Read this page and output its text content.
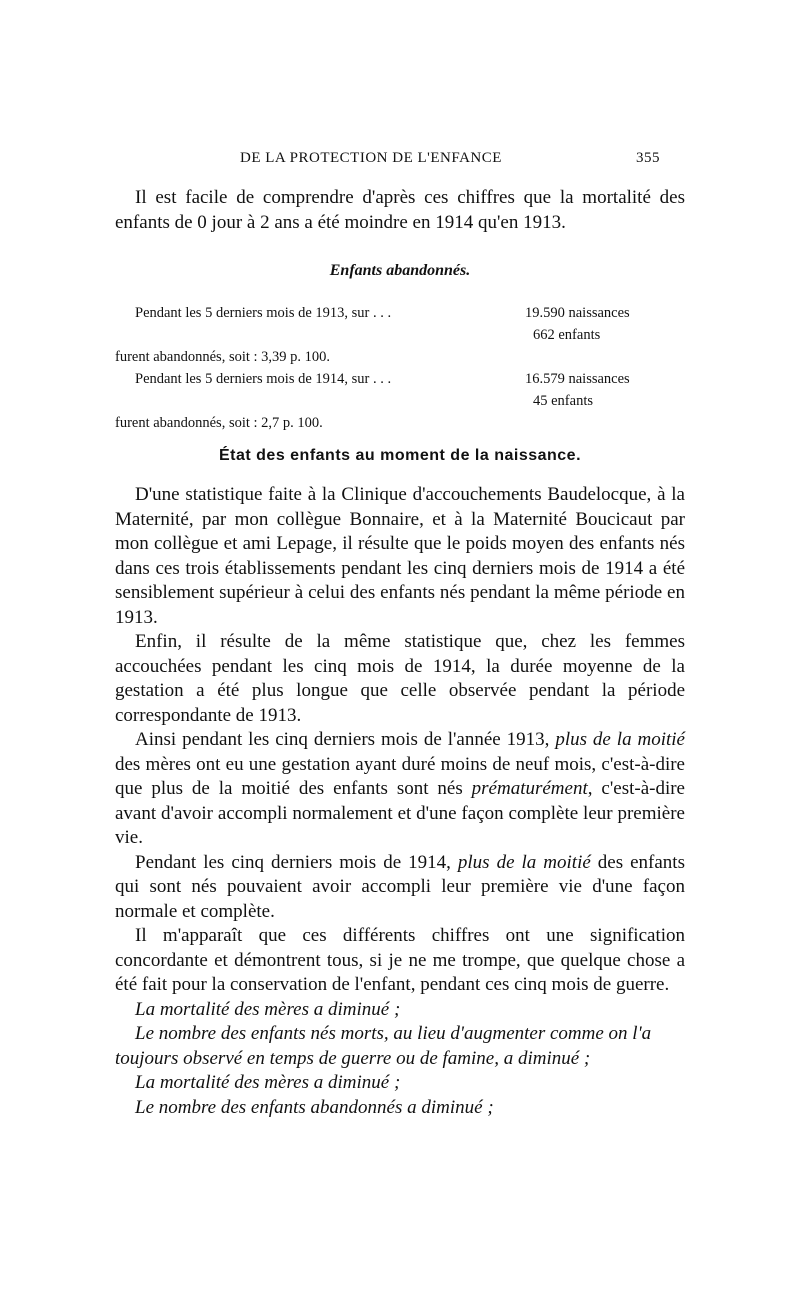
DE LA PROTECTION DE L'ENFANCE	355

Il est facile de comprendre d'après ces chiffres que la mortalité des enfants de 0 jour à 2 ans a été moindre en 1914 qu'en 1913.

Enfants abandonnés.
Pendant les 5 derniers mois de 1913, sur . . .	19.590 naissances
662 enfants
furent abandonnés, soit : 3,39 p. 100.
Pendant les 5 derniers mois de 1914, sur . . .	16.579 naissances
45 enfants
furent abandonnés, soit : 2,7 p. 100.
État des enfants au moment de la naissance.

D'une statistique faite à la Clinique d'accouchements Baudelocque, à la Maternité, par mon collègue Bonnaire, et à la Maternité Boucicaut par mon collègue et ami Lepage, il résulte que le poids moyen des enfants nés dans ces trois établissements pendant les cinq derniers mois de 1914 a été sensiblement supérieur à celui des enfants nés pendant la même période en 1913.

Enfin, il résulte de la même statistique que, chez les femmes accouchées pendant les cinq mois de 1914, la durée moyenne de la gestation a été plus longue que celle observée pendant la période correspondante de 1913.

Ainsi pendant les cinq derniers mois de l'année 1913, plus de la moitié des mères ont eu une gestation ayant duré moins de neuf mois, c'est-à-dire que plus de la moitié des enfants sont nés prématurément, c'est-à-dire avant d'avoir accompli normalement et d'une façon complète leur première vie.

Pendant les cinq derniers mois de 1914, plus de la moitié des enfants qui sont nés pouvaient avoir accompli leur première vie d'une façon normale et complète.

Il m'apparaît que ces différents chiffres ont une signification concordante et démontrent tous, si je ne me trompe, que quelque chose a été fait pour la conservation de l'enfant, pendant ces cinq mois de guerre.

La mortalité des mères a diminué ;

Le nombre des enfants nés morts, au lieu d'augmenter comme on l'a toujours observé en temps de guerre ou de famine, a diminué ;

La mortalité des mères a diminué ;

Le nombre des enfants abandonnés a diminué ;
